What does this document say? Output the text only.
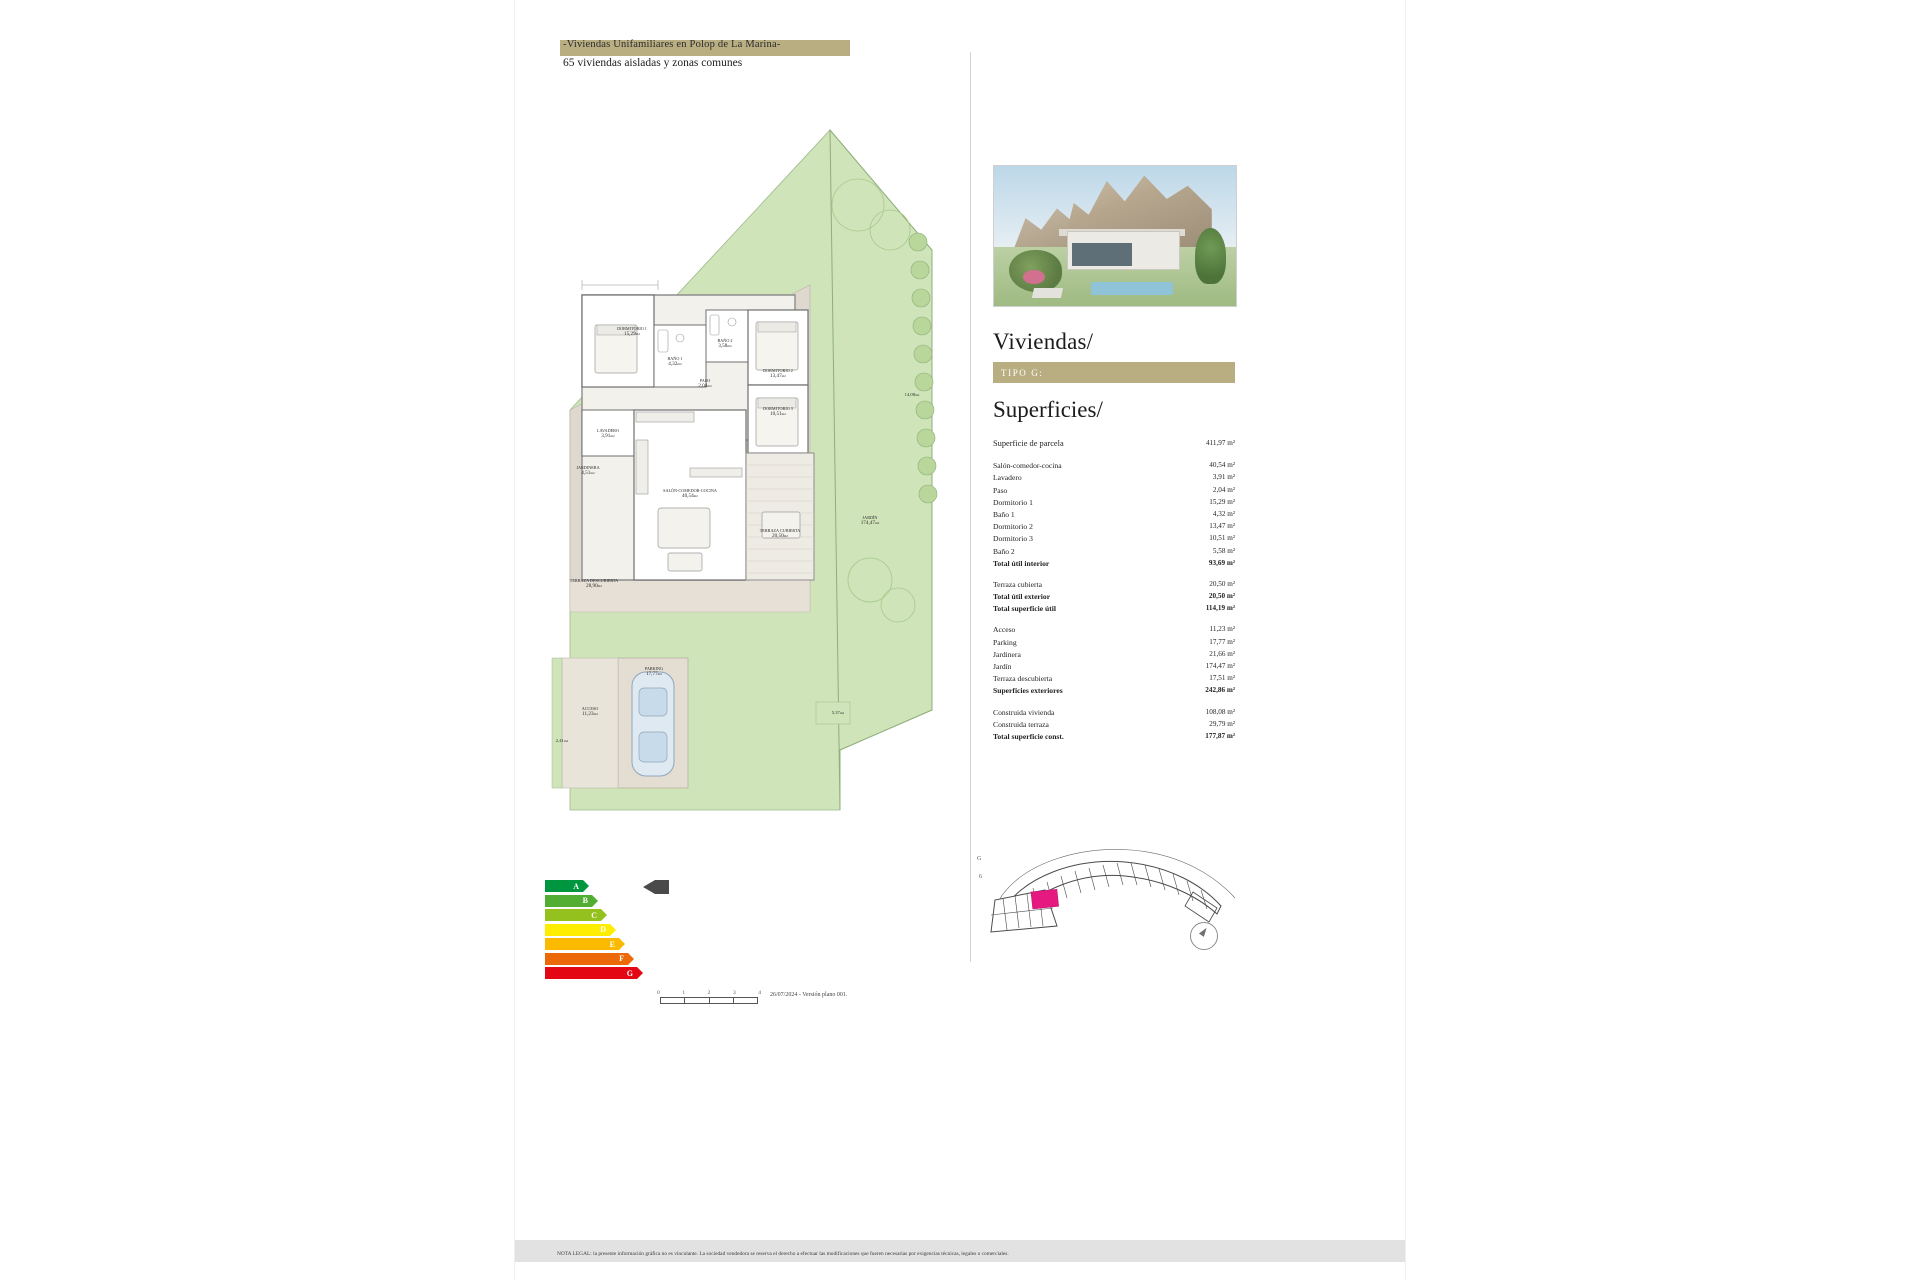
-Viviendas Unifamiliares en Polop de La Marina-
65 viviendas aisladas y zonas comunes
DORMITORIO 1
15,29m2
BAÑO 1
4,32m2
BAÑO 2
3,58m2
PASO
2,04m2
DORMITORIO 2
13,47m2
DORMITORIO 3
10,51m2
LAVADERO
3,91m2
JARDINERA
4,51m2
SALÓN-COMEDOR-COCINA
40,54m2
TERRAZA CUBIERTA
20,50m2
TERRAZA DESCUBIERTA
28,90m2
JARDÍN
174,47m2
14,08m2
PARKING
17,77m2
ACCESO
11,23m2
2,41m2
5,37m2
Viviendas/
TIPO G:
Superficies/
Superficie de parcela	411,97 m²

Salón-comedor-cocina	40,54 m²
Lavadero	3,91 m²
Paso	2,04 m²
Dormitorio 1	15,29 m²
Baño 1	4,32 m²
Dormitorio 2	13,47 m²
Dormitorio 3	10,51 m²
Baño 2	5,58 m²
Total útil interior	93,69 m²

Terraza cubierta	20,50 m²
Total útil exterior	20,50 m²
Total superficie útil	114,19 m²

Acceso	11,23 m²
Parking	17,77 m²
Jardinera	21,66 m²
Jardín	174,47 m²
Terraza descubierta	17,51 m²
Superficies exteriores	242,86 m²

Construida vivienda	108,08 m²
Construida terraza	29,79 m²
Total superficie const.	177,87 m²
G
6
A
B
C
D
E
F
G
0	1	2	3	4 26/07/2024 - Versión plano 001.
NOTA LEGAL: la presente información gráfica no es vinculante. La sociedad vendedora se reserva el derecho a efectuar las modificaciones que fueren necesarias por exigencias técnicas, legales o comerciales.
